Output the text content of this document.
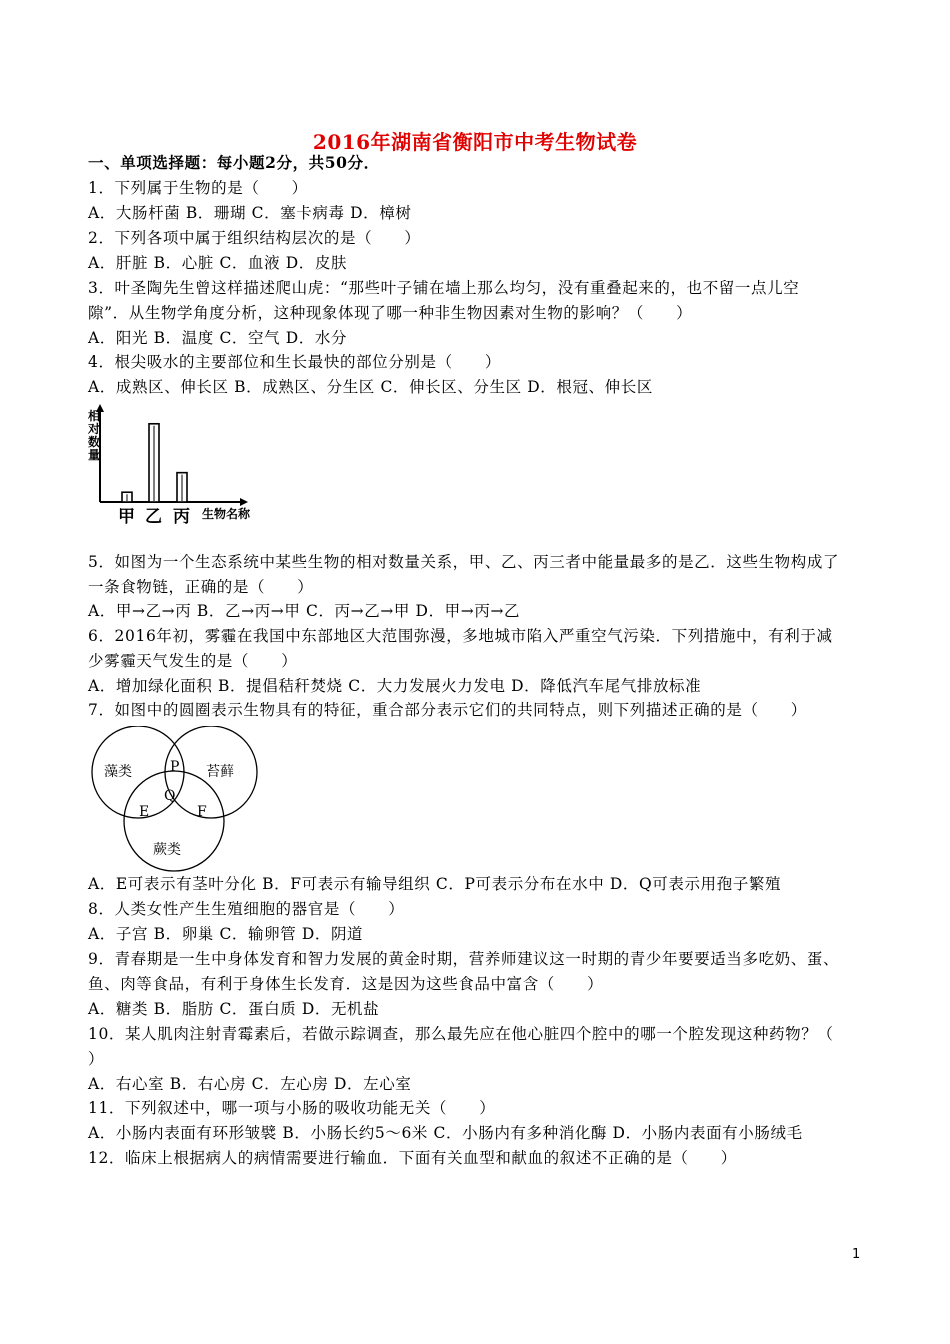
2016年湖南省衡阳市中考生物试卷
一、单项选择题：每小题2分，共50分．
1．下列属于生物的是（　　）
A．大肠杆菌 B．珊瑚 C．塞卡病毒 D．樟树
2．下列各项中属于组织结构层次的是（　　）
A．肝脏 B．心脏 C．血液 D．皮肤
3．叶圣陶先生曾这样描述爬山虎：“那些叶子铺在墙上那么均匀，没有重叠起来的，也不留一点儿空
隙”．从生物学角度分析，这种现象体现了哪一种非生物因素对生物的影响？（　　）
A．阳光 B．温度 C．空气 D．水分
4．根尖吸水的主要部位和生长最快的部位分别是（　　）
A．成熟区、伸长区 B．成熟区、分生区 C．伸长区、分生区 D．根冠、伸长区
相
对
数
量
甲 乙 丙 生物名称
5．如图为一个生态系统中某些生物的相对数量关系，甲、乙、丙三者中能量最多的是乙．这些生物构成了
一条食物链，正确的是（　　）
A．甲→乙→丙 B．乙→丙→甲 C．丙→乙→甲 D．甲→丙→乙
6．2016年初，雾霾在我国中东部地区大范围弥漫，多地城市陷入严重空气污染．下列措施中，有利于减
少雾霾天气发生的是（　　）
A．增加绿化面积 B．提倡秸秆焚烧 C．大力发展火力发电 D．降低汽车尾气排放标准
7．如图中的圆圈表示生物具有的特征，重合部分表示它们的共同特点，则下列描述正确的是（　　）
藻类	苔藓
蕨类
P
Q
E	F
A．E可表示有茎叶分化 B．F可表示有输导组织 C．P可表示分布在水中 D．Q可表示用孢子繁殖
8．人类女性产生生殖细胞的器官是（　　）
A．子宫 B．卵巢 C．输卵管 D．阴道
9．青春期是一生中身体发育和智力发展的黄金时期，营养师建议这一时期的青少年要要适当多吃奶、蛋、
鱼、肉等食品，有利于身体生长发育．这是因为这些食品中富含（　　）
A．糖类 B．脂肪 C．蛋白质 D．无机盐
10．某人肌肉注射青霉素后，若做示踪调查，那么最先应在他心脏四个腔中的哪一个腔发现这种药物？（
）
A．右心室 B．右心房 C．左心房 D．左心室
11．下列叙述中，哪一项与小肠的吸收功能无关（　　）
A．小肠内表面有环形皱襞 B．小肠长约5～6米 C．小肠内有多种消化酶 D．小肠内表面有小肠绒毛
12．临床上根据病人的病情需要进行输血．下面有关血型和献血的叙述不正确的是（　　）
1
